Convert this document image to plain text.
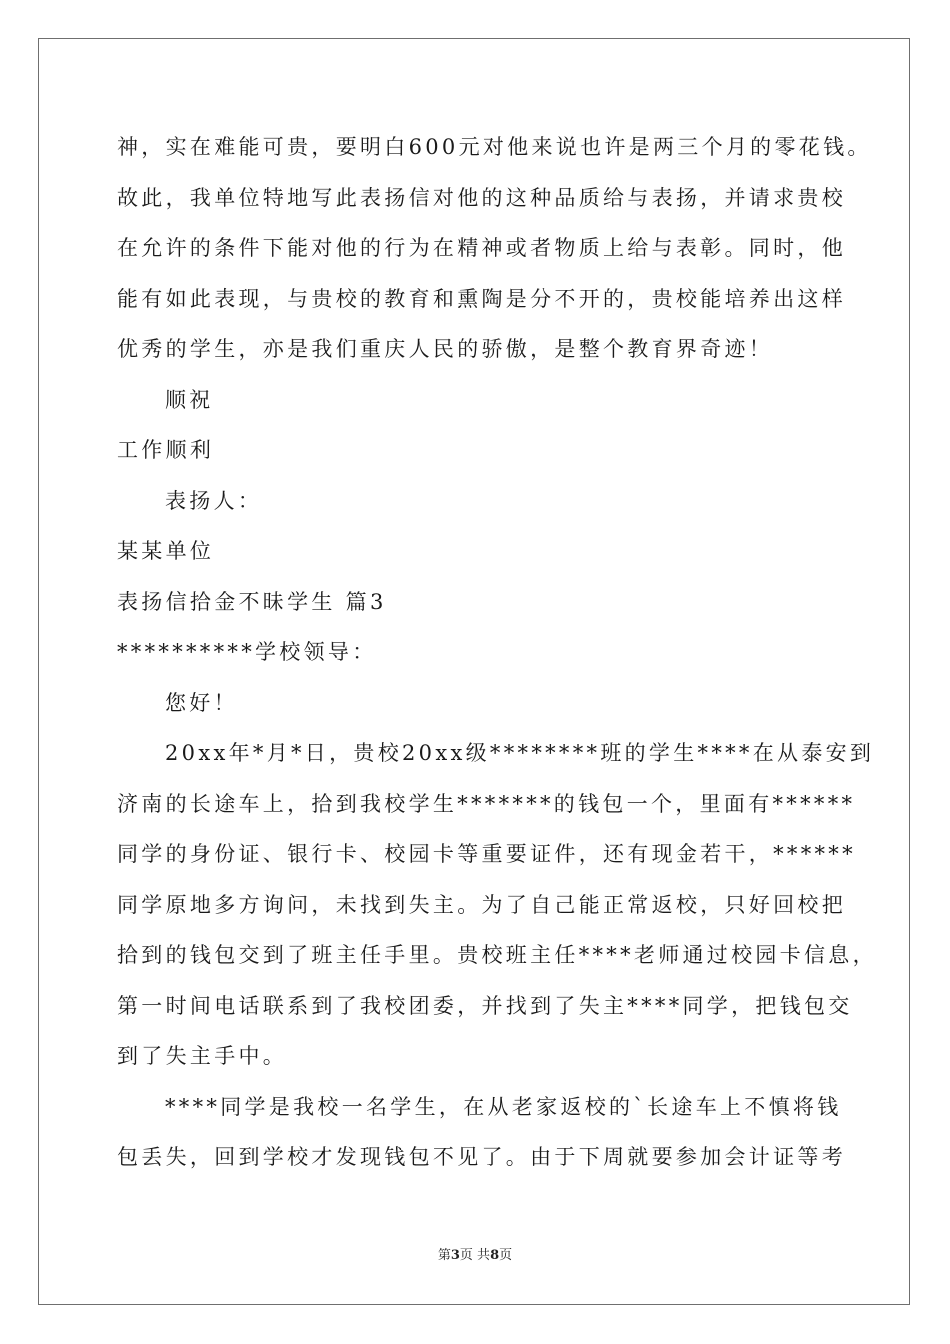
神，实在难能可贵，要明白600元对他来说也许是两三个月的零花钱。
故此，我单位特地写此表扬信对他的这种品质给与表扬，并请求贵校
在允许的条件下能对他的行为在精神或者物质上给与表彰。同时，他
能有如此表现，与贵校的教育和熏陶是分不开的，贵校能培养出这样
优秀的学生，亦是我们重庆人民的骄傲，是整个教育界奇迹！
顺祝
工作顺利
表扬人：
某某单位
表扬信拾金不昧学生 篇3
**********学校领导：
您好！
20xx年*月*日，贵校20xx级********班的学生****在从泰安到
济南的长途车上，拾到我校学生*******的钱包一个，里面有******
同学的身份证、银行卡、校园卡等重要证件，还有现金若干，******
同学原地多方询问，未找到失主。为了自己能正常返校，只好回校把
拾到的钱包交到了班主任手里。贵校班主任****老师通过校园卡信息，
第一时间电话联系到了我校团委，并找到了失主****同学，把钱包交
到了失主手中。
****同学是我校一名学生，在从老家返校的`长途车上不慎将钱
包丢失，回到学校才发现钱包不见了。由于下周就要参加会计证等考
第3页 共8页
